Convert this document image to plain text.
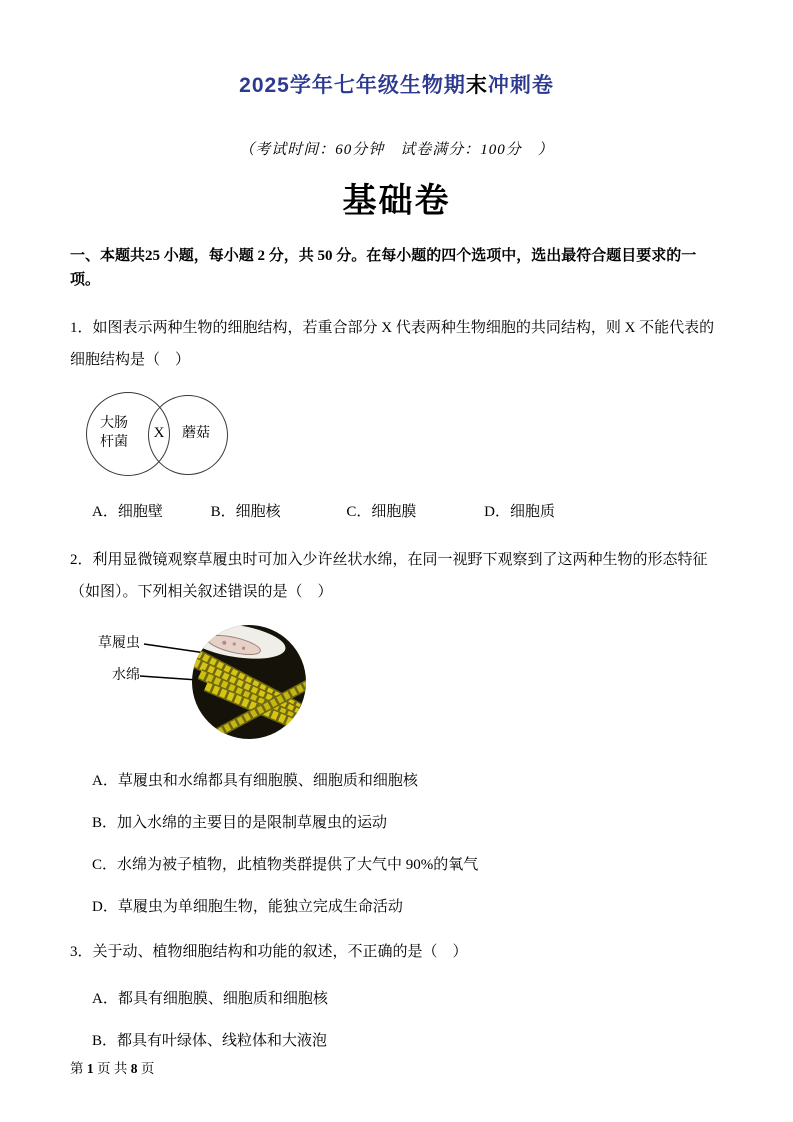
2025学年七年级生物期末冲刺卷
（考试时间：60分钟　试卷满分：100分　）
基础卷

一、本题共25 小题，每小题 2 分，共 50 分。在每小题的四个选项中，选出最符合题目要求的一项。

1．如图表示两种生物的细胞结构，若重合部分 X 代表两种生物细胞的共同结构，则 X 不能代表的细胞结构是（　）

大肠杆菌
X	蘑菇
A．细胞壁	B．细胞核	C．细胞膜	D．细胞质

2．利用显微镜观察草履虫时可加入少许丝状水绵，在同一视野下观察到了这两种生物的形态特征（如图）。下列相关叙述错误的是（　）

草履虫
水绵
A．草履虫和水绵都具有细胞膜、细胞质和细胞核
B．加入水绵的主要目的是限制草履虫的运动
C．水绵为被子植物，此植物类群提供了大气中 90%的氧气
D．草履虫为单细胞生物，能独立完成生命活动

3．关于动、植物细胞结构和功能的叙述，不正确的是（　）

A．都具有细胞膜、细胞质和细胞核
B．都具有叶绿体、线粒体和大液泡
第 1 页 共 8 页
